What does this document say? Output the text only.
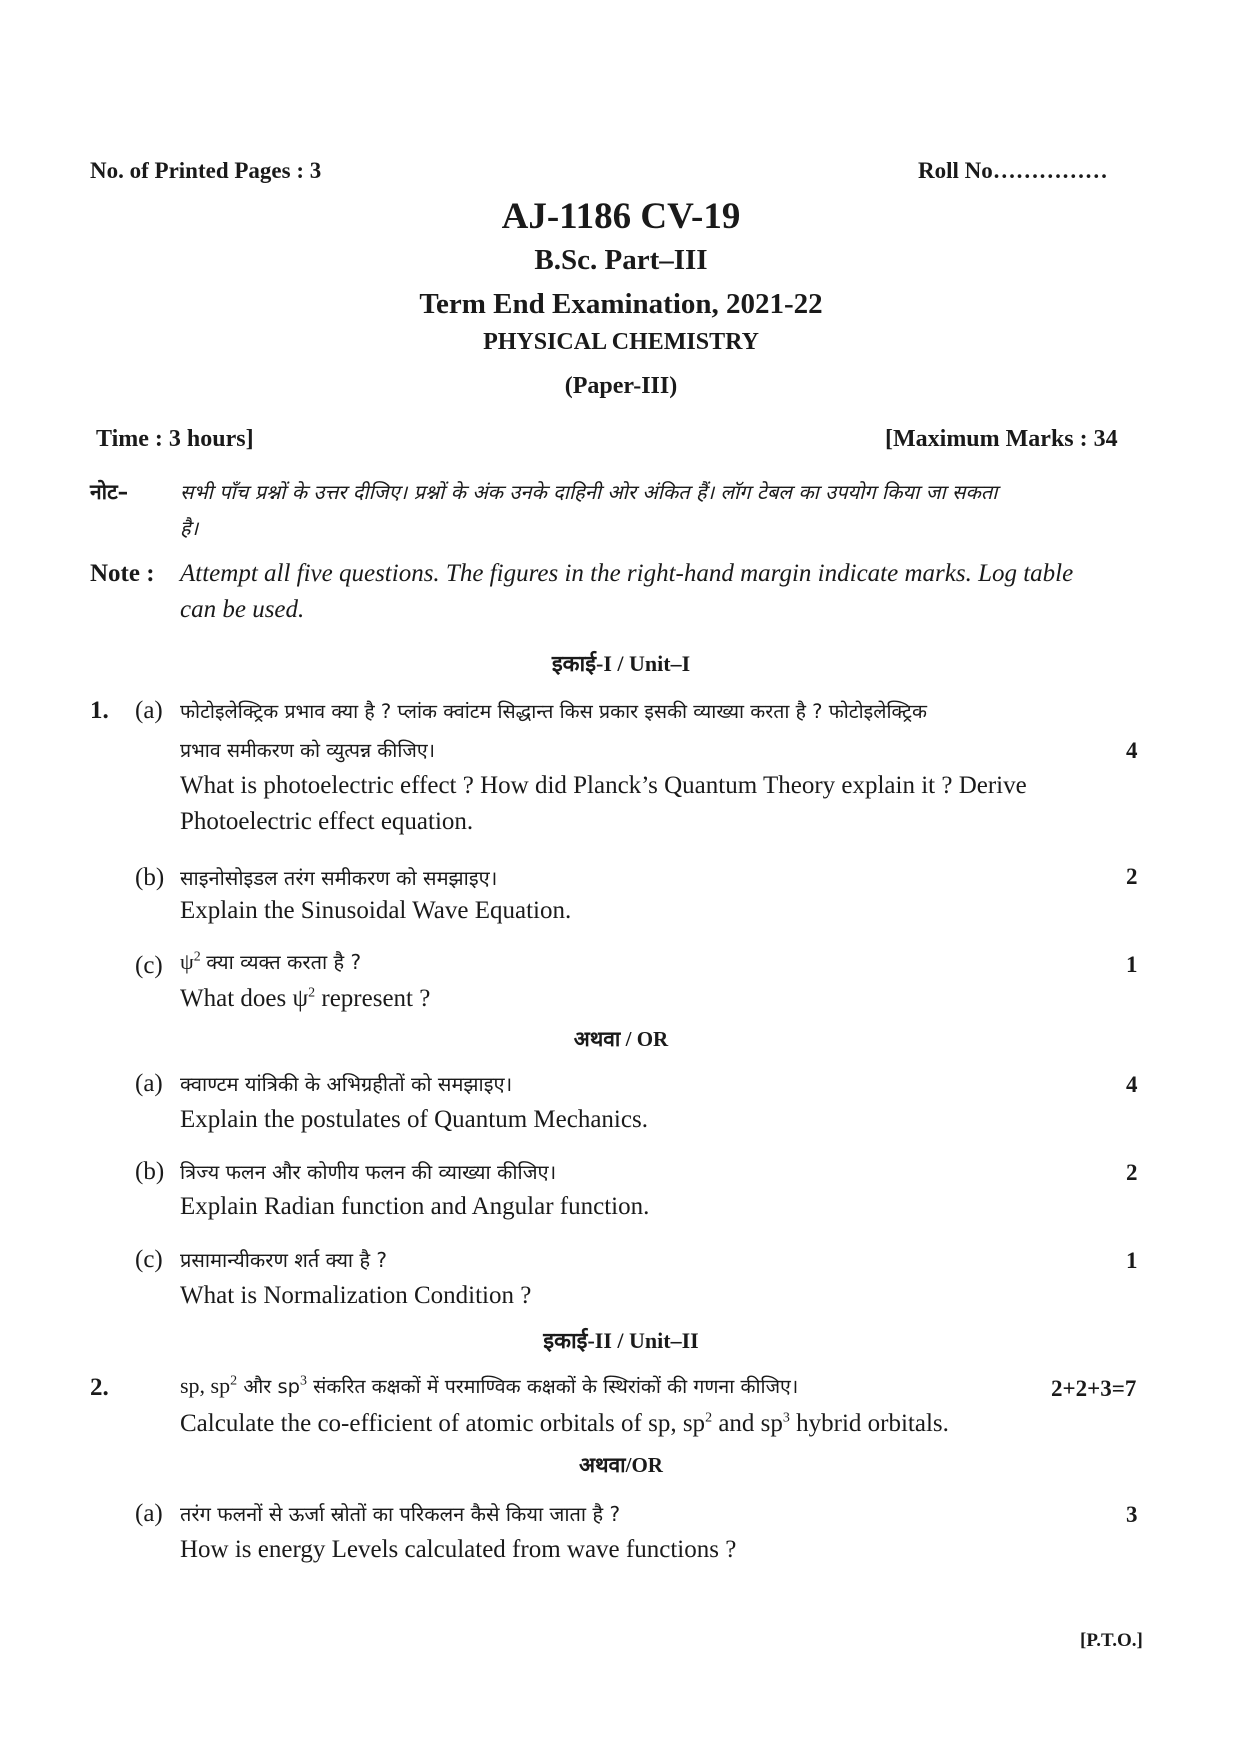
No. of Printed Pages : 3	Roll No……………
AJ-1186 CV-19
B.Sc. Part–III
Term End Examination, 2021-22
PHYSICAL CHEMISTRY
(Paper-III)
Time : 3 hours]	[Maximum Marks : 34
नोट–	सभी पाँच प्रश्नों के उत्तर दीजिए। प्रश्नों के अंक उनके दाहिनी ओर अंकित हैं। लॉग टेबल का उपयोग किया जा सकता
है।
Note : Attempt all five questions. The figures in the right-hand margin indicate marks. Log table
can be used.
इकाई-I / Unit–I
1. (a) फोटोइलेक्ट्रिक प्रभाव क्या है ? प्लांक क्वांटम सिद्धान्त किस प्रकार इसकी व्याख्या करता है ? फोटोइलेक्ट्रिक
प्रभाव समीकरण को व्युत्पन्न कीजिए।	4
What is photoelectric effect ? How did Planck’s Quantum Theory explain it ? Derive
Photoelectric effect equation.
(b) साइनोसोइडल तरंग समीकरण को समझाइए।	2
Explain the Sinusoidal Wave Equation.
(c) $\psi^2$ क्या व्यक्त करता है ?	1
What does $\psi^2$ represent ?
अथवा / OR
(a) क्वाण्टम यांत्रिकी के अभिग्रहीतों को समझाइए।	4
Explain the postulates of Quantum Mechanics.
(b) त्रिज्य फलन और कोणीय फलन की व्याख्या कीजिए।	2
Explain Radian function and Angular function.
(c) प्रसामान्यीकरण शर्त क्या है ?	1
What is Normalization Condition ?
इकाई-II / Unit–II
2.	sp, $sp^2$ और $sp^3$ संकरित कक्षकों में परमाण्विक कक्षकों के स्थिरांकों की गणना कीजिए।	2+2+3=7
Calculate the co-efficient of atomic orbitals of sp, $sp^2$ and $sp^3$ hybrid orbitals.
अथवा/OR
(a) तरंग फलनों से ऊर्जा स्रोतों का परिकलन कैसे किया जाता है ?	3
How is energy Levels calculated from wave functions ?
[P.T.O.]
